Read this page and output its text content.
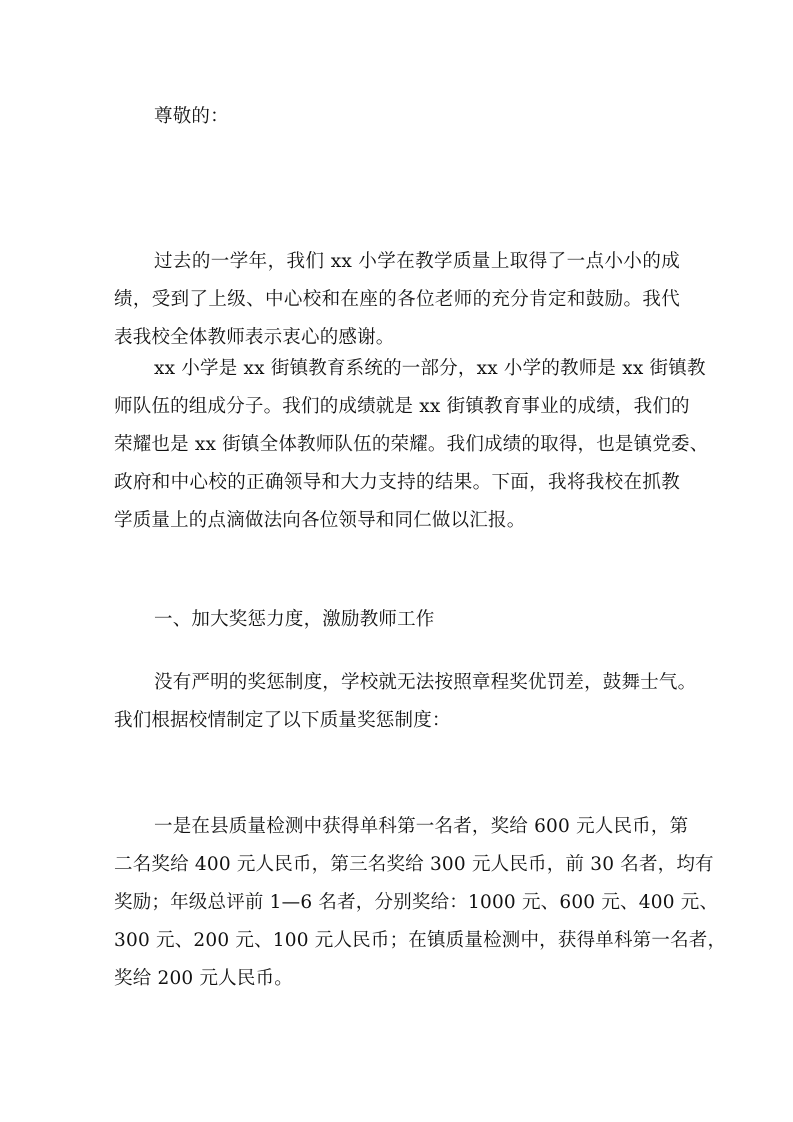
尊敬的：

过去的一学年，我们 xx 小学在教学质量上取得了一点小小的成
绩，受到了上级、中心校和在座的各位老师的充分肯定和鼓励。我代
表我校全体教师表示衷心的感谢。

xx 小学是 xx 街镇教育系统的一部分，xx 小学的教师是 xx 街镇教
师队伍的组成分子。我们的成绩就是 xx 街镇教育事业的成绩，我们的
荣耀也是 xx 街镇全体教师队伍的荣耀。我们成绩的取得，也是镇党委、
政府和中心校的正确领导和大力支持的结果。下面，我将我校在抓教
学质量上的点滴做法向各位领导和同仁做以汇报。

一、加大奖惩力度，激励教师工作

没有严明的奖惩制度，学校就无法按照章程奖优罚差，鼓舞士气。
我们根据校情制定了以下质量奖惩制度：

一是在县质量检测中获得单科第一名者，奖给 600 元人民币，第
二名奖给 400 元人民币，第三名奖给 300 元人民币，前 30 名者，均有
奖励；年级总评前 1—6 名者，分别奖给：1000 元、600 元、400 元、
300 元、200 元、100 元人民币；在镇质量检测中，获得单科第一名者，
奖给 200 元人民币。
